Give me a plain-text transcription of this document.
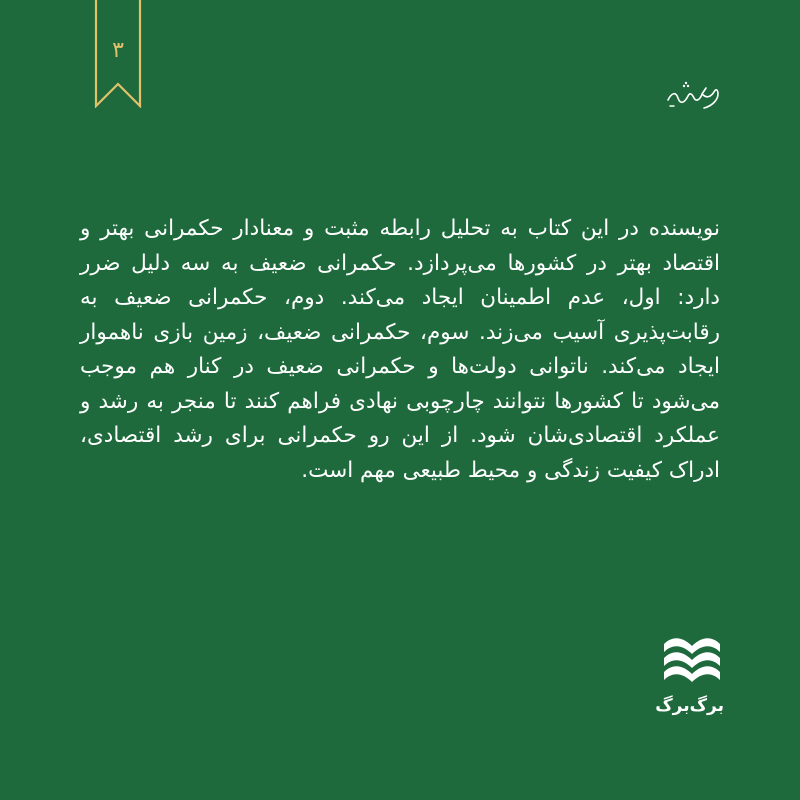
۳

نویسنده در این کتاب به تحلیل رابطه مثبت و معنادار حکمرانی بهتر و اقتصاد بهتر در کشورها می‌پردازد. حکمرانی ضعیف به سه دلیل ضرر دارد: اول، عدم اطمینان ایجاد می‌کند. دوم، حکمرانی ضعیف به رقابت‌پذیری آسیب می‌زند. سوم، حکمرانی ضعیف، زمین بازی ناهموار ایجاد می‌کند. ناتوانی دولت‌ها و حکمرانی ضعیف در کنار هم موجب می‌شود تا کشورها نتوانند چارچوبی نهادی فراهم کنند تا منجر به رشد و عملکرد اقتصادی‌شان شود. از این رو حکمرانی برای رشد اقتصادی، ادراک کیفیت زندگی و محیط طبیعی مهم است.

برگ‌برگ
